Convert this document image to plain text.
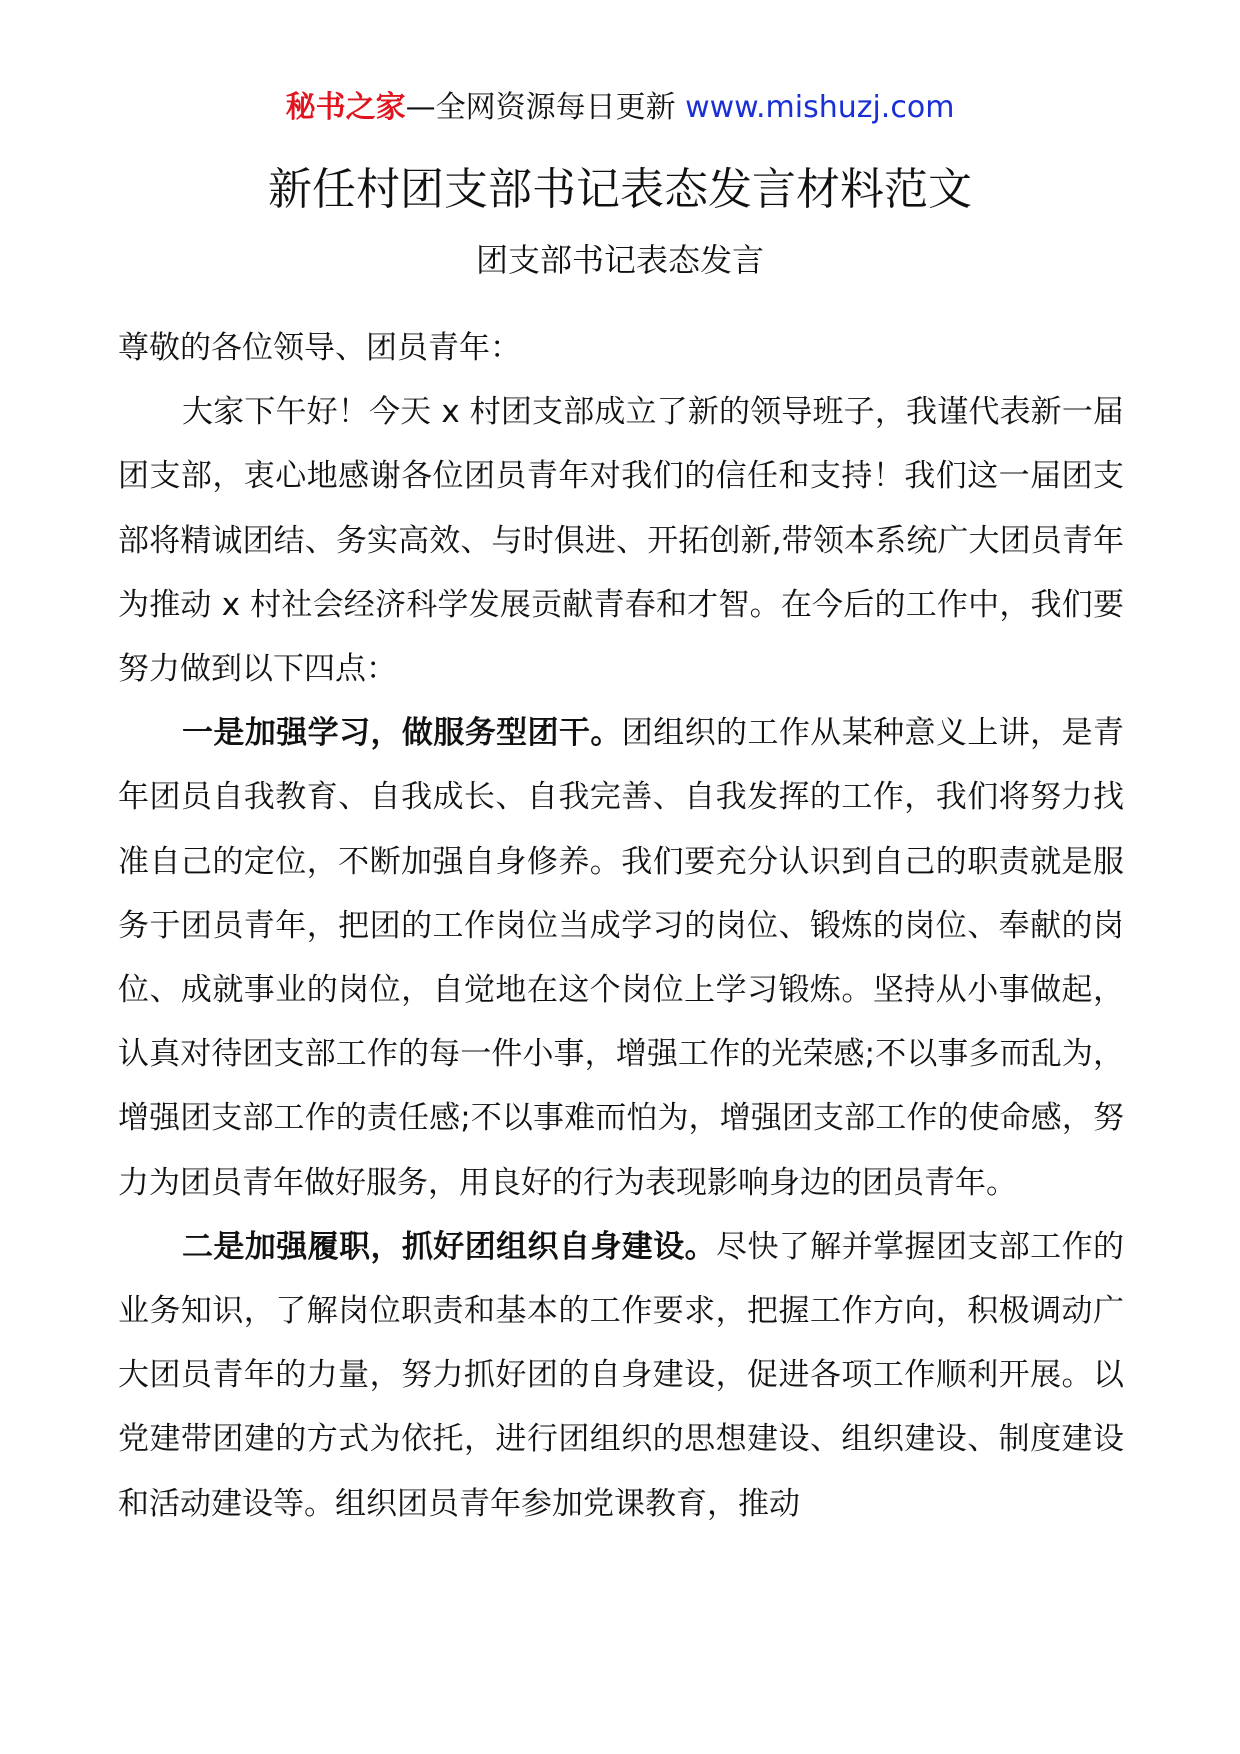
秘书之家—全网资源每日更新 www.mishuzj.com
新任村团支部书记表态发言材料范文
团支部书记表态发言

尊敬的各位领导、团员青年：

大家下午好！今天 x 村团支部成立了新的领导班子，我谨代表新一届团支部，衷心地感谢各位团员青年对我们的信任和支持！我们这一届团支部将精诚团结、务实高效、与时俱进、开拓创新,带领本系统广大团员青年为推动 x 村社会经济科学发展贡献青春和才智。在今后的工作中，我们要努力做到以下四点：

一是加强学习，做服务型团干。团组织的工作从某种意义上讲，是青年团员自我教育、自我成长、自我完善、自我发挥的工作，我们将努力找准自己的定位，不断加强自身修养。我们要充分认识到自己的职责就是服务于团员青年，把团的工作岗位当成学习的岗位、锻炼的岗位、奉献的岗位、成就事业的岗位，自觉地在这个岗位上学习锻炼。坚持从小事做起，认真对待团支部工作的每一件小事，增强工作的光荣感;不以事多而乱为，增强团支部工作的责任感;不以事难而怕为，增强团支部工作的使命感，努力为团员青年做好服务，用良好的行为表现影响身边的团员青年。

二是加强履职，抓好团组织自身建设。尽快了解并掌握团支部工作的业务知识，了解岗位职责和基本的工作要求，把握工作方向，积极调动广大团员青年的力量，努力抓好团的自身建设，促进各项工作顺利开展。以党建带团建的方式为依托，进行团组织的思想建设、组织建设、制度建设和活动建设等。组织团员青年参加党课教育，推动
